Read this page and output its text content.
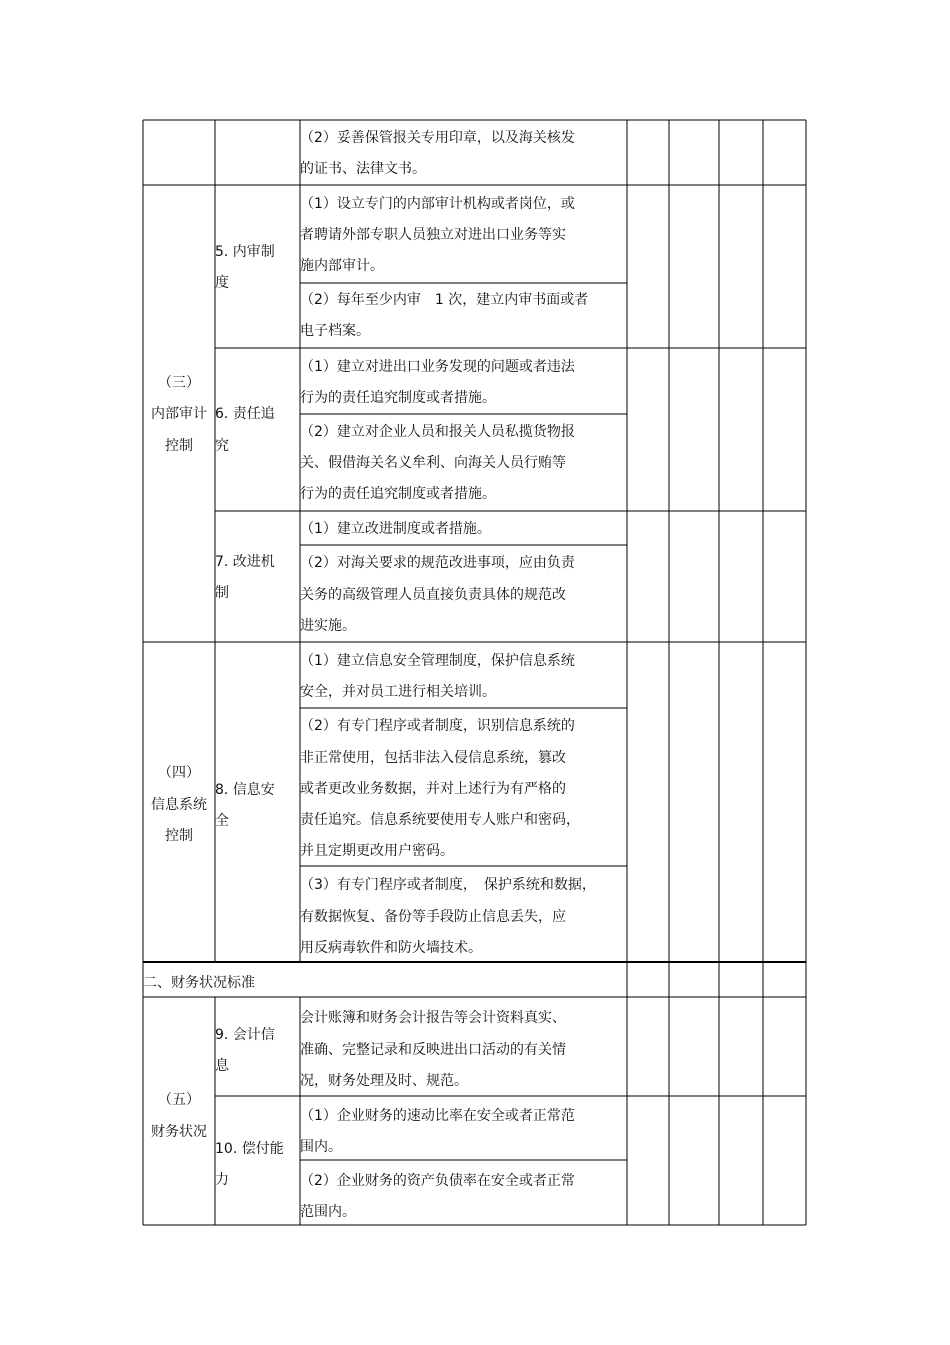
（2）妥善保管报关专用印章，以及海关核发
的证书、法律文书。
（1）设立专门的内部审计机构或者岗位，或
者聘请外部专职人员独立对进出口业务等实
施内部审计。
（2）每年至少内审　1 次，建立内审书面或者
电子档案。
（1）建立对进出口业务发现的问题或者违法
行为的责任追究制度或者措施。
（2）建立对企业人员和报关人员私揽货物报
关、假借海关名义牟利、向海关人员行贿等
行为的责任追究制度或者措施。
（1）建立改进制度或者措施。
（2）对海关要求的规范改进事项，应由负责
关务的高级管理人员直接负责具体的规范改
进实施。
（1）建立信息安全管理制度，保护信息系统
安全，并对员工进行相关培训。
（2）有专门程序或者制度，识别信息系统的
非正常使用，包括非法入侵信息系统，篡改
或者更改业务数据，并对上述行为有严格的
责任追究。信息系统要使用专人账户和密码，
并且定期更改用户密码。
（3）有专门程序或者制度，　保护系统和数据，
有数据恢复、备份等手段防止信息丢失，应
用反病毒软件和防火墙技术。
会计账簿和财务会计报告等会计资料真实、
准确、完整记录和反映进出口活动的有关情
况，财务处理及时、规范。
（1）企业财务的速动比率在安全或者正常范
围内。
（2）企业财务的资产负债率在安全或者正常
范围内。
5. 内审制
度
6. 责任追
究
7. 改进机
制
8. 信息安
全
9. 会计信
息
10. 偿付能
力
（三）
内部审计
控制
（四）
信息系统
控制
（五）
财务状况
二、财务状况标准
